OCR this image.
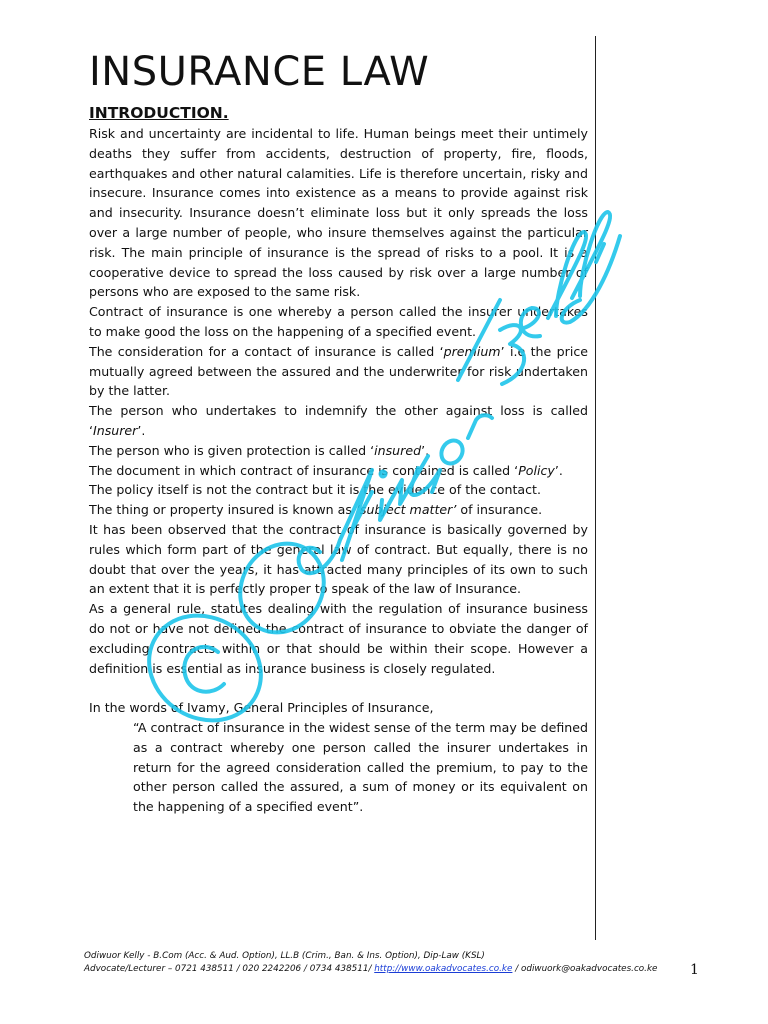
INSURANCE LAW
INTRODUCTION.

Risk and uncertainty are incidental to life. Human beings meet their untimely deaths they suffer from accidents, destruction of property, fire, floods, earthquakes and other natural calamities. Life is therefore uncertain, risky and insecure. Insurance comes into existence as a means to provide against risk and insecurity. Insurance doesn’t eliminate loss but it only spreads the loss over a large number of people, who insure themselves against the particular risk. The main principle of insurance is the spread of risks to a pool. It is a cooperative device to spread the loss caused by risk over a large number of persons who are exposed to the same risk.

Contract of insurance is one whereby a person called the insurer undertakes to make good the loss on the happening of a specified event.

The consideration for a contact of insurance is called ‘premium’ i.e the price mutually agreed between the assured and the underwriter for risk undertaken by the latter.

The person who undertakes to indemnify the other against loss is called ‘Insurer’.

The person who is given protection is called ‘insured’.

The document in which contract of insurance is contained is called ‘Policy’.

The policy itself is not the contract but it is the evidence of the contact.

The thing or property insured is known as ‘subject matter’ of insurance.

It has been observed that the contract of insurance is basically governed by rules which form part of the general law of contract. But equally, there is no doubt that over the years, it has attracted many principles of its own to such an extent that it is perfectly proper to speak of the law of Insurance.

As a general rule, statutes dealing with the regulation of insurance business do not or have not defined the contract of insurance to obviate the danger of excluding contracts within or that should be within their scope. However a definition is essential as insurance business is closely regulated.

In the words of Ivamy, General Principles of Insurance,

“A contract of insurance in the widest sense of the term may be defined as a contract whereby one person called the insurer undertakes in return for the agreed consideration called the premium, to pay to the other person called the assured, a sum of money or its equivalent on the happening of a specified event”.

©Odiwuor Kelly
Odiwuor Kelly - B.Com (Acc. & Aud. Option), LL.B (Crim., Ban. & Ins. Option), Dip-Law (KSL)
Advocate/Lecturer – 0721 438511 / 020 2242206 / 0734 438511/ http://www.oakadvocates.co.ke / odiwuork@oakadvocates.co.ke	1
